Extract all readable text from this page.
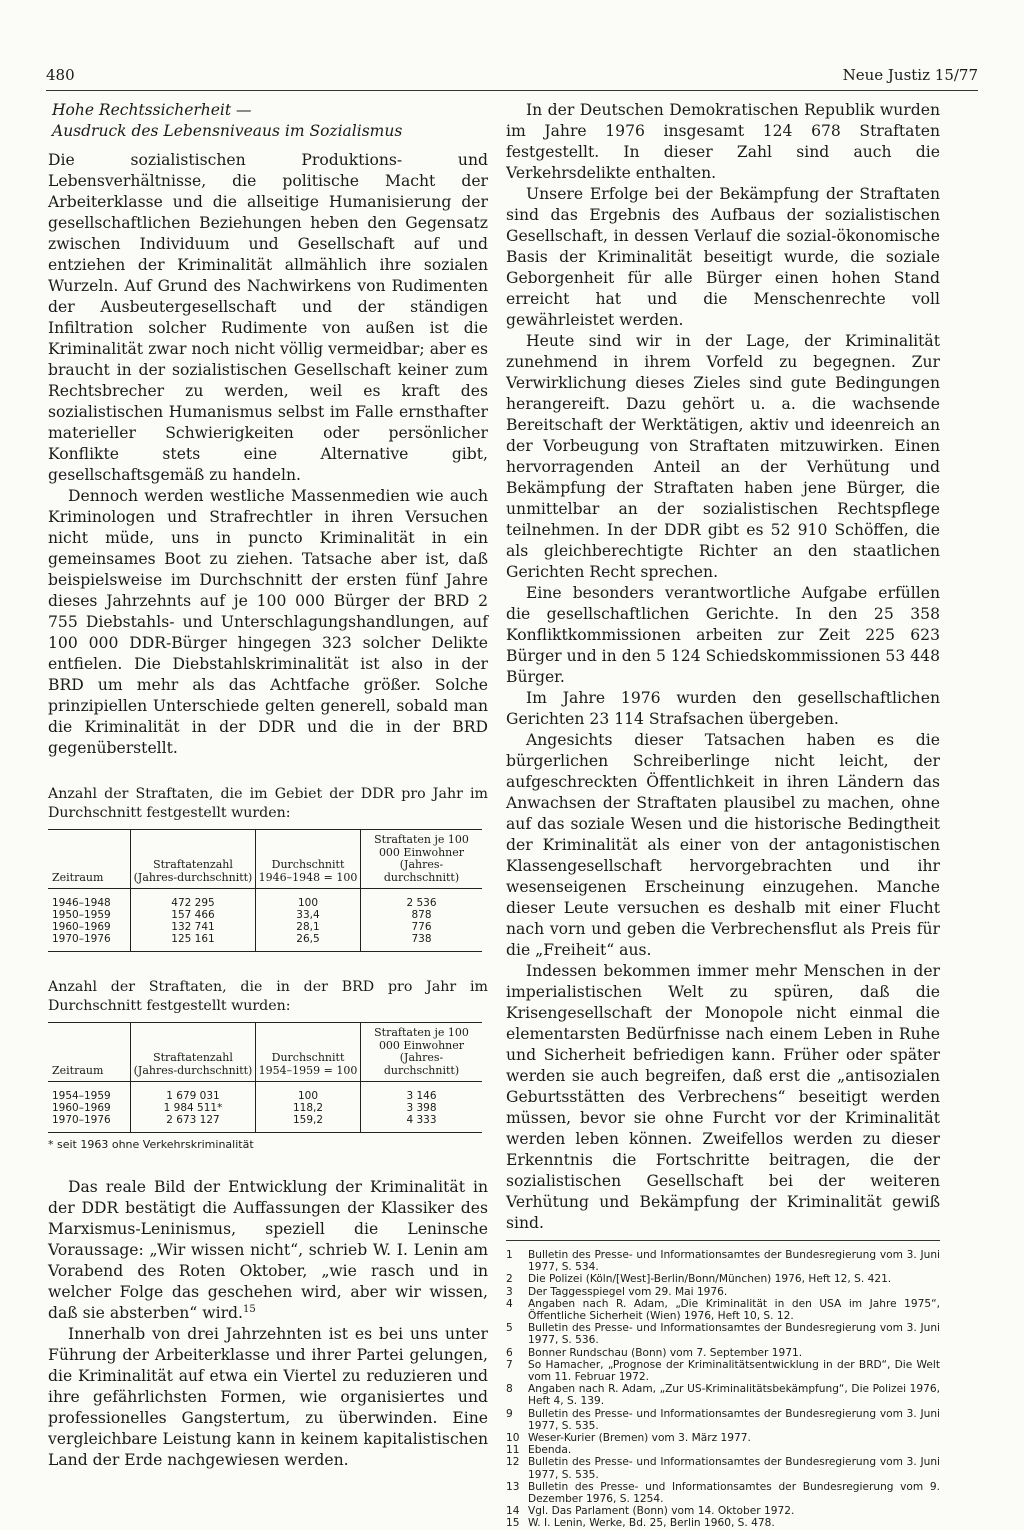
480	Neue Justiz 15/77
Hohe Rechtssicherheit —
Ausdruck des Lebensniveaus im Sozialismus

Die sozialistischen Produktions- und Lebensverhältnisse, die politische Macht der Arbeiterklasse und die allseitige Humanisierung der gesellschaftlichen Beziehungen heben den Gegensatz zwischen Individuum und Gesellschaft auf und entziehen der Kriminalität allmählich ihre sozialen Wurzeln. Auf Grund des Nachwirkens von Rudimenten der Ausbeutergesellschaft und der ständigen Infiltration solcher Rudimente von außen ist die Kriminalität zwar noch nicht völlig vermeidbar; aber es braucht in der sozialistischen Gesellschaft keiner zum Rechtsbrecher zu werden, weil es kraft des sozialistischen Humanismus selbst im Falle ernsthafter materieller Schwierigkeiten oder persönlicher Konflikte stets eine Alternative gibt, gesellschaftsgemäß zu handeln.

Dennoch werden westliche Massenmedien wie auch Kriminologen und Strafrechtler in ihren Versuchen nicht müde, uns in puncto Kriminalität in ein gemeinsames Boot zu ziehen. Tatsache aber ist, daß beispielsweise im Durchschnitt der ersten fünf Jahre dieses Jahrzehnts auf je 100 000 Bürger der BRD 2 755 Diebstahls- und Unterschlagungshandlungen, auf 100 000 DDR-Bürger hingegen 323 solcher Delikte entfielen. Die Diebstahlskriminalität ist also in der BRD um mehr als das Achtfache größer. Solche prinzipiellen Unterschiede gelten generell, sobald man die Kriminalität in der DDR und die in der BRD gegenüberstellt.

Anzahl der Straftaten, die im Gebiet der DDR pro Jahr im Durchschnitt festgestellt wurden:
Zeitraum	Straftatenzahl (Jahres-durchschnitt)	Durchschnitt 1946–1948 = 100	Straftaten je 100 000 Einwohner (Jahres-durchschnitt)
1946–1948	472 295	100	2 536
1950–1959	157 466	33,4	878
1960–1969	132 741	28,1	776
1970–1976	125 161	26,5	738
Anzahl der Straftaten, die in der BRD pro Jahr im Durchschnitt festgestellt wurden:
Zeitraum	Straftatenzahl (Jahres-durchschnitt)	Durchschnitt 1954–1959 = 100	Straftaten je 100 000 Einwohner (Jahres-durchschnitt)
1954–1959	1 679 031	100	3 146
1960–1969	1 984 511*	118,2	3 398
1970–1976	2 673 127	159,2	4 333
* seit 1963 ohne Verkehrskriminalität

Das reale Bild der Entwicklung der Kriminalität in der DDR bestätigt die Auffassungen der Klassiker des Marxismus-Leninismus, speziell die Leninsche Voraussage: „Wir wissen nicht“, schrieb W. I. Lenin am Vorabend des Roten Oktober, „wie rasch und in welcher Folge das geschehen wird, aber wir wissen, daß sie absterben“ wird.$^{15}$

Innerhalb von drei Jahrzehnten ist es bei uns unter Führung der Arbeiterklasse und ihrer Partei gelungen, die Kriminalität auf etwa ein Viertel zu reduzieren und ihre gefährlichsten Formen, wie organisiertes und professionelles Gangstertum, zu überwinden. Eine vergleichbare Leistung kann in keinem kapitalistischen Land der Erde nachgewiesen werden.

In der Deutschen Demokratischen Republik wurden im Jahre 1976 insgesamt 124 678 Straftaten festgestellt. In dieser Zahl sind auch die Verkehrsdelikte enthalten.

Unsere Erfolge bei der Bekämpfung der Straftaten sind das Ergebnis des Aufbaus der sozialistischen Gesellschaft, in dessen Verlauf die sozial-ökonomische Basis der Kriminalität beseitigt wurde, die soziale Geborgenheit für alle Bürger einen hohen Stand erreicht hat und die Menschenrechte voll gewährleistet werden.

Heute sind wir in der Lage, der Kriminalität zunehmend in ihrem Vorfeld zu begegnen. Zur Verwirklichung dieses Zieles sind gute Bedingungen herangereift. Dazu gehört u. a. die wachsende Bereitschaft der Werktätigen, aktiv und ideenreich an der Vorbeugung von Straftaten mitzuwirken. Einen hervorragenden Anteil an der Verhütung und Bekämpfung der Straftaten haben jene Bürger, die unmittelbar an der sozialistischen Rechtspflege teilnehmen. In der DDR gibt es 52 910 Schöffen, die als gleichberechtigte Richter an den staatlichen Gerichten Recht sprechen.

Eine besonders verantwortliche Aufgabe erfüllen die gesellschaftlichen Gerichte. In den 25 358 Konfliktkommissionen arbeiten zur Zeit 225 623 Bürger und in den 5 124 Schiedskommissionen 53 448 Bürger.

Im Jahre 1976 wurden den gesellschaftlichen Gerichten 23 114 Strafsachen übergeben.

Angesichts dieser Tatsachen haben es die bürgerlichen Schreiberlinge nicht leicht, der aufgeschreckten Öffentlichkeit in ihren Ländern das Anwachsen der Straftaten plausibel zu machen, ohne auf das soziale Wesen und die historische Bedingtheit der Kriminalität als einer von der antagonistischen Klassengesellschaft hervorgebrachten und ihr wesenseigenen Erscheinung einzugehen. Manche dieser Leute versuchen es deshalb mit einer Flucht nach vorn und geben die Verbrechensflut als Preis für die „Freiheit“ aus.

Indessen bekommen immer mehr Menschen in der imperialistischen Welt zu spüren, daß die Krisengesellschaft der Monopole nicht einmal die elementarsten Bedürfnisse nach einem Leben in Ruhe und Sicherheit befriedigen kann. Früher oder später werden sie auch begreifen, daß erst die „antisozialen Geburtsstätten des Verbrechens“ beseitigt werden müssen, bevor sie ohne Furcht vor der Kriminalität werden leben können. Zweifellos werden zu dieser Erkenntnis die Fortschritte beitragen, die der sozialistischen Gesellschaft bei der weiteren Verhütung und Bekämpfung der Kriminalität gewiß sind.

1 Bulletin des Presse- und Informationsamtes der Bundesregierung vom 3. Juni 1977, S. 534.
2 Die Polizei (Köln/[West]-Berlin/Bonn/München) 1976, Heft 12, S. 421.
3 Der Taggesspiegel vom 29. Mai 1976.
4 Angaben nach R. Adam, „Die Kriminalität in den USA im Jahre 1975“, Öffentliche Sicherheit (Wien) 1976, Heft 10, S. 12.
5 Bulletin des Presse- und Informationsamtes der Bundesregierung vom 3. Juni 1977, S. 536.
6 Bonner Rundschau (Bonn) vom 7. September 1971.
7 So Hamacher, „Prognose der Kriminalitätsentwicklung in der BRD“, Die Welt vom 11. Februar 1972.
8 Angaben nach R. Adam, „Zur US-Kriminalitätsbekämpfung“, Die Polizei 1976, Heft 4, S. 139.
9 Bulletin des Presse- und Informationsamtes der Bundesregierung vom 3. Juni 1977, S. 535.
10 Weser-Kurier (Bremen) vom 3. März 1977.
11 Ebenda.
12 Bulletin des Presse- und Informationsamtes der Bundesregierung vom 3. Juni 1977, S. 535.
13 Bulletin des Presse- und Informationsamtes der Bundesregierung vom 9. Dezember 1976, S. 1254.
14 Vgl. Das Parlament (Bonn) vom 14. Oktober 1972.
15 W. I. Lenin, Werke, Bd. 25, Berlin 1960, S. 478.
